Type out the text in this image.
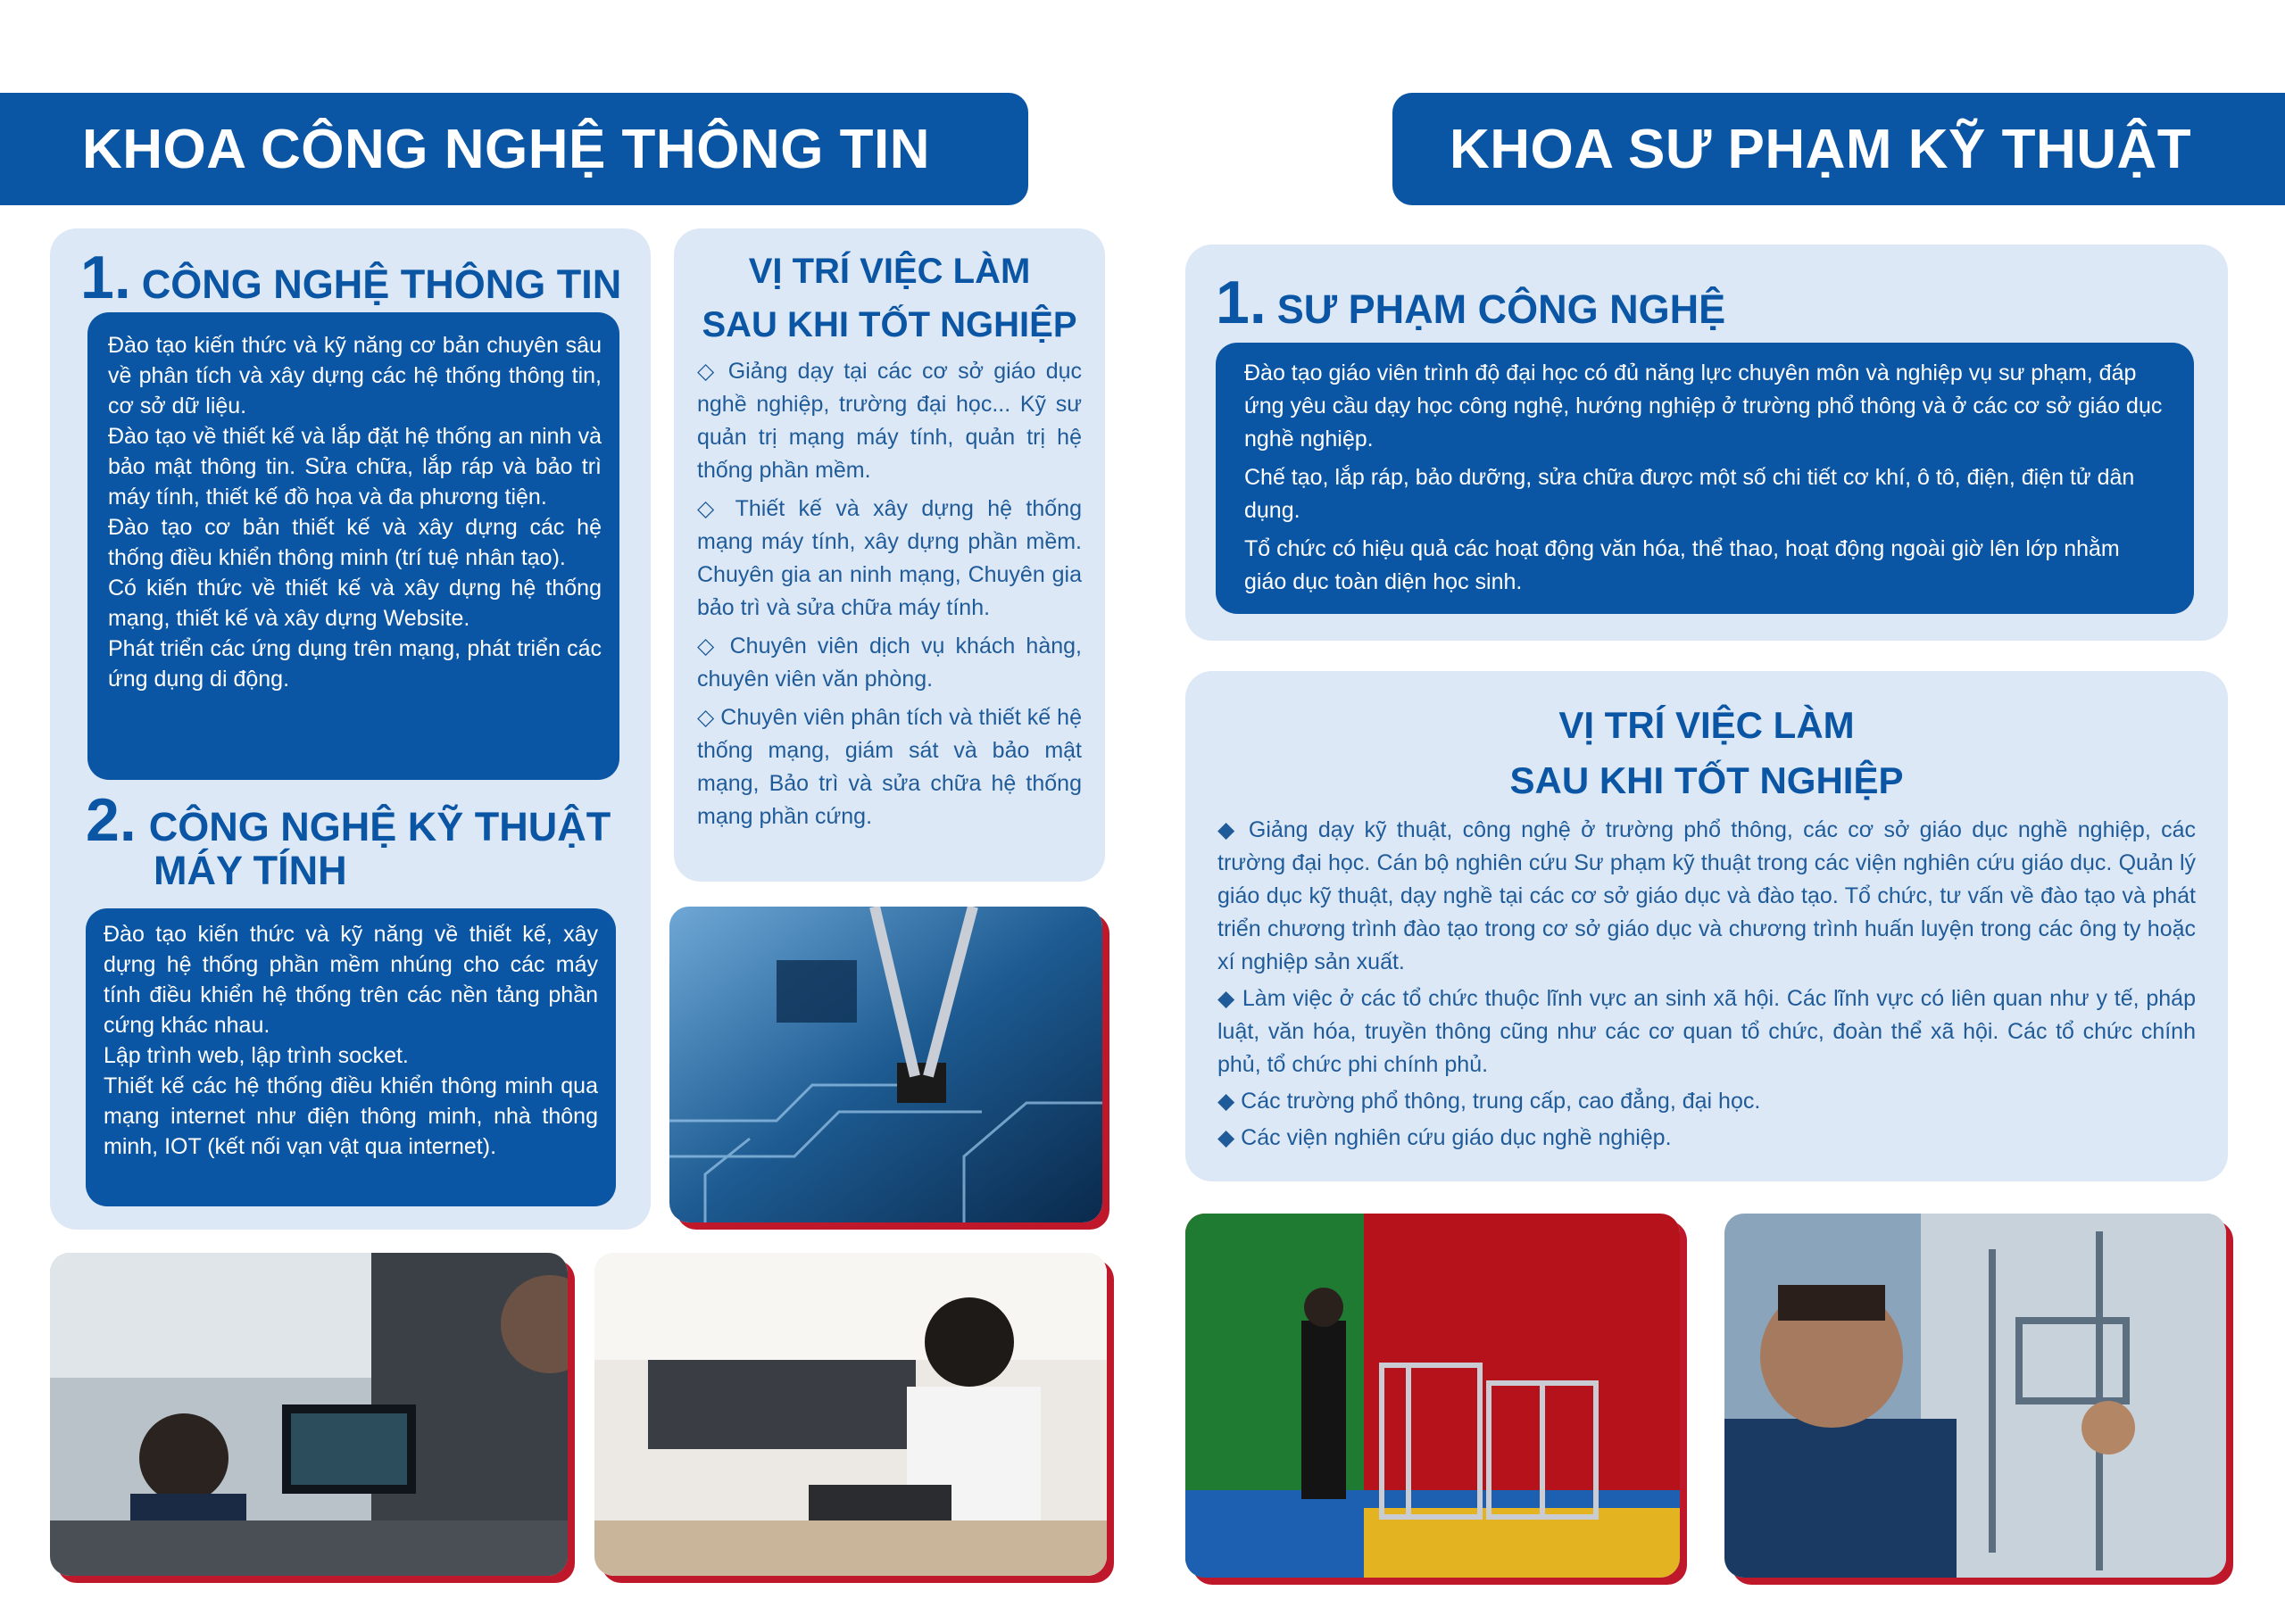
KHOA CÔNG NGHỆ THÔNG TIN	KHOA SƯ PHẠM KỸ THUẬT
1. CÔNG NGHỆ THÔNG TIN
Đào tạo kiến thức và kỹ năng cơ bản chuyên sâu về phân tích và xây dựng các hệ thống thông tin, cơ sở dữ liệu.
Đào tạo về thiết kế và lắp đặt hệ thống an ninh và bảo mật thông tin. Sửa chữa, lắp ráp và bảo trì máy tính, thiết kế đồ họa và đa phương tiện.
Đào tạo cơ bản thiết kế và xây dựng các hệ thống điều khiển thông minh (trí tuệ nhân tạo).
Có kiến thức về thiết kế và xây dựng hệ thống mạng, thiết kế và xây dựng Website.
Phát triển các ứng dụng trên mạng, phát triển các ứng dụng di động.
2. CÔNG NGHỆ KỸ THUẬT
MÁY TÍNH
Đào tạo kiến thức và kỹ năng về thiết kế, xây dựng hệ thống phần mềm nhúng cho các máy tính điều khiển hệ thống trên các nền tảng phần cứng khác nhau.
Lập trình web, lập trình socket.
Thiết kế các hệ thống điều khiển thông minh qua mạng internet như điện thông minh, nhà thông minh, IOT (kết nối vạn vật qua internet).
VỊ TRÍ VIỆC LÀM
SAU KHI TỐT NGHIỆP

◇ Giảng dạy tại các cơ sở giáo dục nghề nghiệp, trường đại học... Kỹ sư quản trị mạng máy tính, quản trị hệ thống phần mềm.

◇ Thiết kế và xây dựng hệ thống mạng máy tính, xây dựng phần mềm. Chuyên gia an ninh mạng, Chuyên gia bảo trì và sửa chữa máy tính.

◇ Chuyên viên dịch vụ khách hàng, chuyên viên văn phòng.

◇ Chuyên viên phân tích và thiết kế hệ thống mạng, giám sát và bảo mật mạng, Bảo trì và sửa chữa hệ thống mạng phần cứng.

1. SƯ PHẠM CÔNG NGHỆ

Đào tạo giáo viên trình độ đại học có đủ năng lực chuyên môn và nghiệp vụ sư phạm, đáp ứng yêu cầu dạy học công nghệ, hướng nghiệp ở trường phổ thông và ở các cơ sở giáo dục nghề nghiệp.

Chế tạo, lắp ráp, bảo dưỡng, sửa chữa được một số chi tiết cơ khí, ô tô, điện, điện tử dân dụng.

Tổ chức có hiệu quả các hoạt động văn hóa, thể thao, hoạt động ngoài giờ lên lớp nhằm giáo dục toàn diện học sinh.

VỊ TRÍ VIỆC LÀM
SAU KHI TỐT NGHIỆP

◆ Giảng dạy kỹ thuật, công nghệ ở trường phổ thông, các cơ sở giáo dục nghề nghiệp, các trường đại học. Cán bộ nghiên cứu Sư phạm kỹ thuật trong các viện nghiên cứu giáo dục. Quản lý giáo dục kỹ thuật, dạy nghề tại các cơ sở giáo dục và đào tạo. Tổ chức, tư vấn về đào tạo và phát triển chương trình đào tạo trong cơ sở giáo dục và chương trình huấn luyện trong các ông ty hoặc xí nghiệp sản xuất.

◆ Làm việc ở các tổ chức thuộc lĩnh vực an sinh xã hội. Các lĩnh vực có liên quan như y tế, pháp luật, văn hóa, truyền thông cũng như các cơ quan tổ chức, đoàn thể xã hội. Các tổ chức chính phủ, tổ chức phi chính phủ.

◆ Các trường phổ thông, trung cấp, cao đẳng, đại học.

◆ Các viện nghiên cứu giáo dục nghề nghiệp.
